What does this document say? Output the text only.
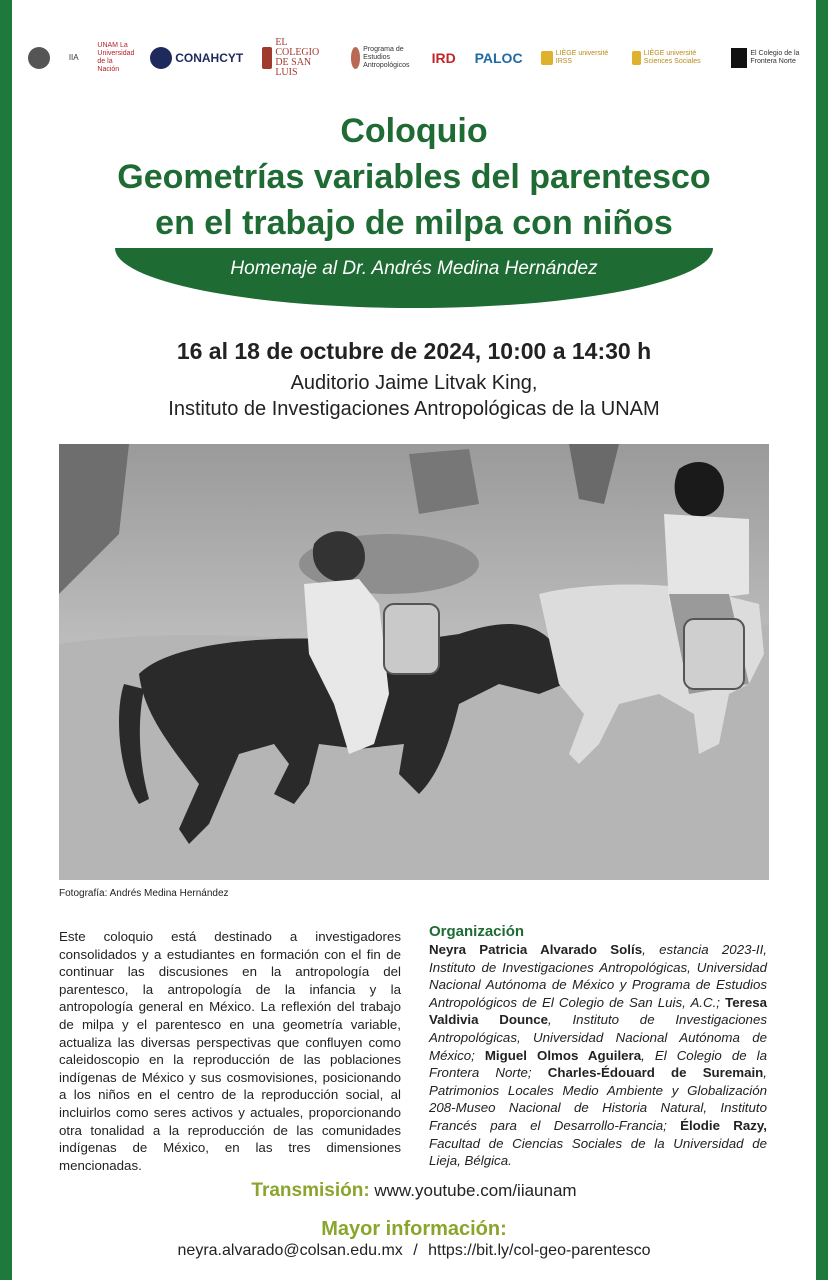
IIA
UNAM La Universidad de la Nación
CONAHCYT
EL COLEGIO DE SAN LUIS
Programa de Estudios Antropológicos IRD PALOC	LIÈGE université IRSS
LIÈGE université Sciences Sociales
El Colegio de la Frontera Norte
Coloquio
Geometrías variables del parentesco
en el trabajo de milpa con niños
Homenaje al Dr. Andrés Medina Hernández
16 al 18 de octubre de 2024, 10:00 a 14:30 h
Auditorio Jaime Litvak King,
Instituto de Investigaciones Antropológicas de la UNAM
Fotografía: Andrés Medina Hernández
Este coloquio está destinado a investigadores consolidados y a estudiantes en formación con el fin de continuar las discusiones en la antropología del parentesco, la antropología de la infancia y la antropología general en México. La reflexión del trabajo de milpa y el parentesco en una geometría variable, actualiza las diversas perspectivas que confluyen como caleidoscopio en la reproducción de las poblaciones indígenas de México y sus cosmovisiones, posicionando a los niños en el centro de la reproducción social, al incluirlos como seres activos y actuales, proporcionando otra tonalidad a la reproducción de las comunidades indígenas de México, en las tres dimensiones mencionadas.
Organización
Neyra Patricia Alvarado Solís, estancia 2023-II, Instituto de Investigaciones Antropológicas, Universidad Nacional Autónoma de México y Programa de Estudios Antropológicos de El Colegio de San Luis, A.C.; Teresa Valdivia Dounce, Instituto de Investigaciones Antropológicas, Universidad Nacional Autónoma de México; Miguel Olmos Aguilera, El Colegio de la Frontera Norte; Charles-Édouard de Suremain, Patrimonios Locales Medio Ambiente y Globalización 208-Museo Nacional de Historia Natural, Instituto Francés para el Desarrollo-Francia; Élodie Razy, Facultad de Ciencias Sociales de la Universidad de Lieja, Bélgica.
Transmisión: www.youtube.com/iiaunam
Mayor información:
neyra.alvarado@colsan.edu.mx / https://bit.ly/col-geo-parentesco
